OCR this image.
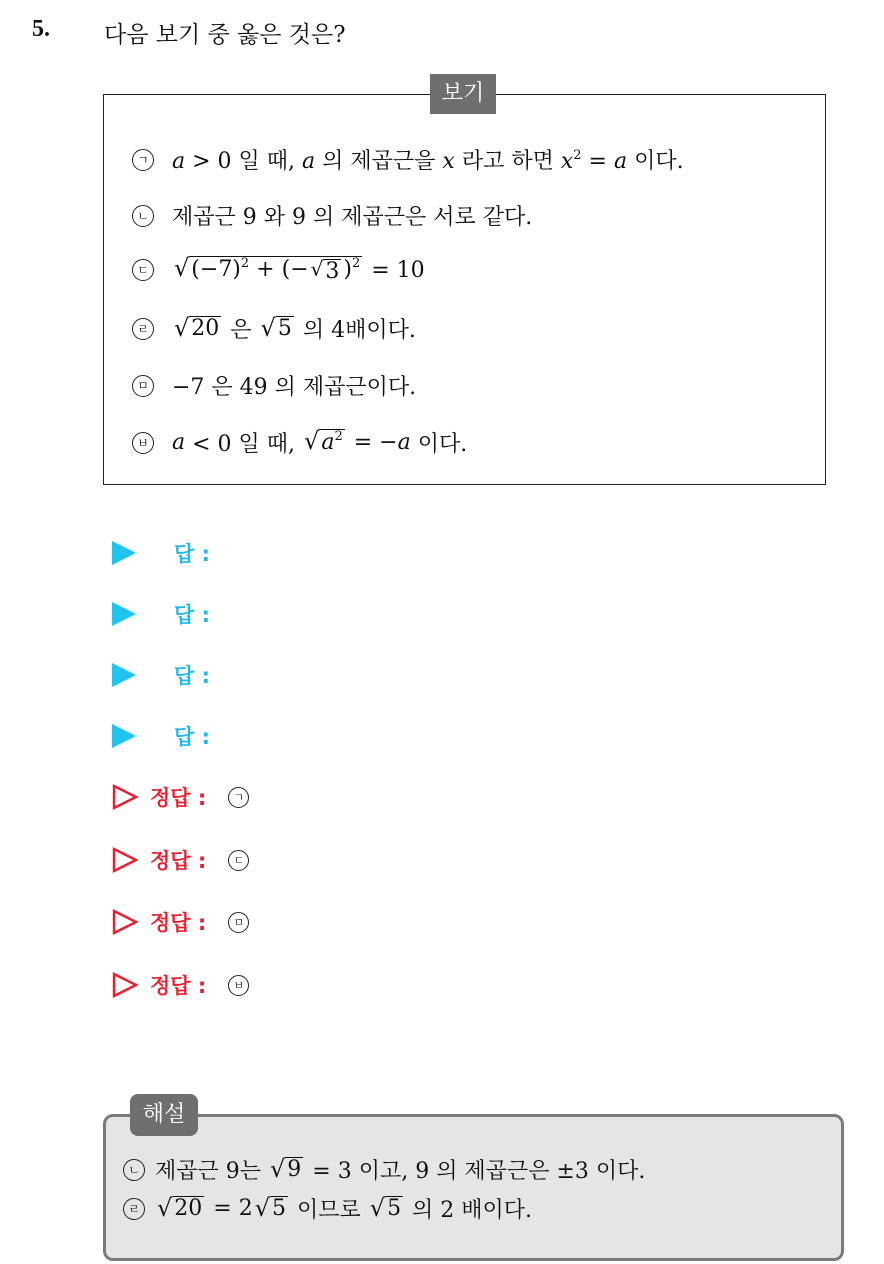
5. 다음 보기 중 옳은 것은?
보기
ㄱ a > 0 일 때, a 의 제곱근을 x 라고 하면 $x^2 = a$ 이다.
ㄴ 제곱근 9 와 9 의 제곱근은 서로 같다.
ㄷ √ $(-7)^2$ + (− √ 3 )$^2$ = 10
ㄹ √ 20 은 √ 5 의 4배이다.
ㅁ −7 은 49 의 제곱근이다.
ㅂ a < 0 일 때, √ $a^2$ = − a 이다.
답 :
답 :
답 :
답 :
정답 :	ㄱ
정답 :	ㄷ
정답 :	ㅁ
정답 :	ㅂ
해설
ㄴ 제곱근 9는 √ 9 = 3 이고, 9 의 제곱근은 ±3 이다.
ㄹ √ 20 = 2 √ 5 이므로 √ 5 의 2 배이다.
